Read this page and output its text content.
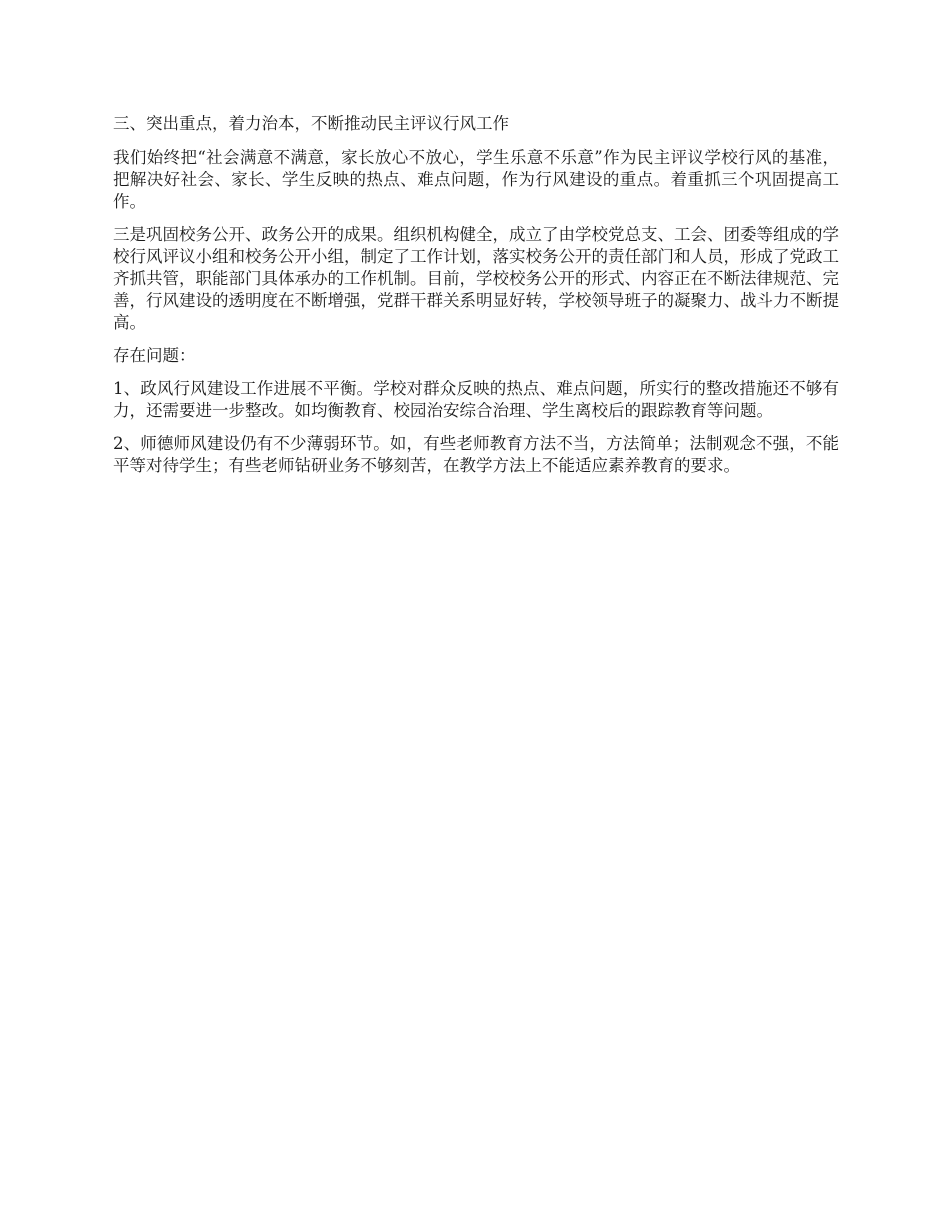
三、突出重点，着力治本，不断推动民主评议行风工作

我们始终把“社会满意不满意，家长放心不放心，学生乐意不乐意”作为民主评议学校行风的基准，把解决好社会、家长、学生反映的热点、难点问题，作为行风建设的重点。着重抓三个巩固提高工作。

三是巩固校务公开、政务公开的成果。组织机构健全，成立了由学校党总支、工会、团委等组成的学校行风评议小组和校务公开小组，制定了工作计划，落实校务公开的责任部门和人员，形成了党政工齐抓共管，职能部门具体承办的工作机制。目前，学校校务公开的形式、内容正在不断法律规范、完善，行风建设的透明度在不断增强，党群干群关系明显好转，学校领导班子的凝聚力、战斗力不断提高。

存在问题：

1、政风行风建设工作进展不平衡。学校对群众反映的热点、难点问题，所实行的整改措施还不够有力，还需要进一步整改。如均衡教育、校园治安综合治理、学生离校后的跟踪教育等问题。

2、师德师风建设仍有不少薄弱环节。如，有些老师教育方法不当，方法简单；法制观念不强，不能平等对待学生；有些老师钻研业务不够刻苦，在教学方法上不能适应素养教育的要求。
